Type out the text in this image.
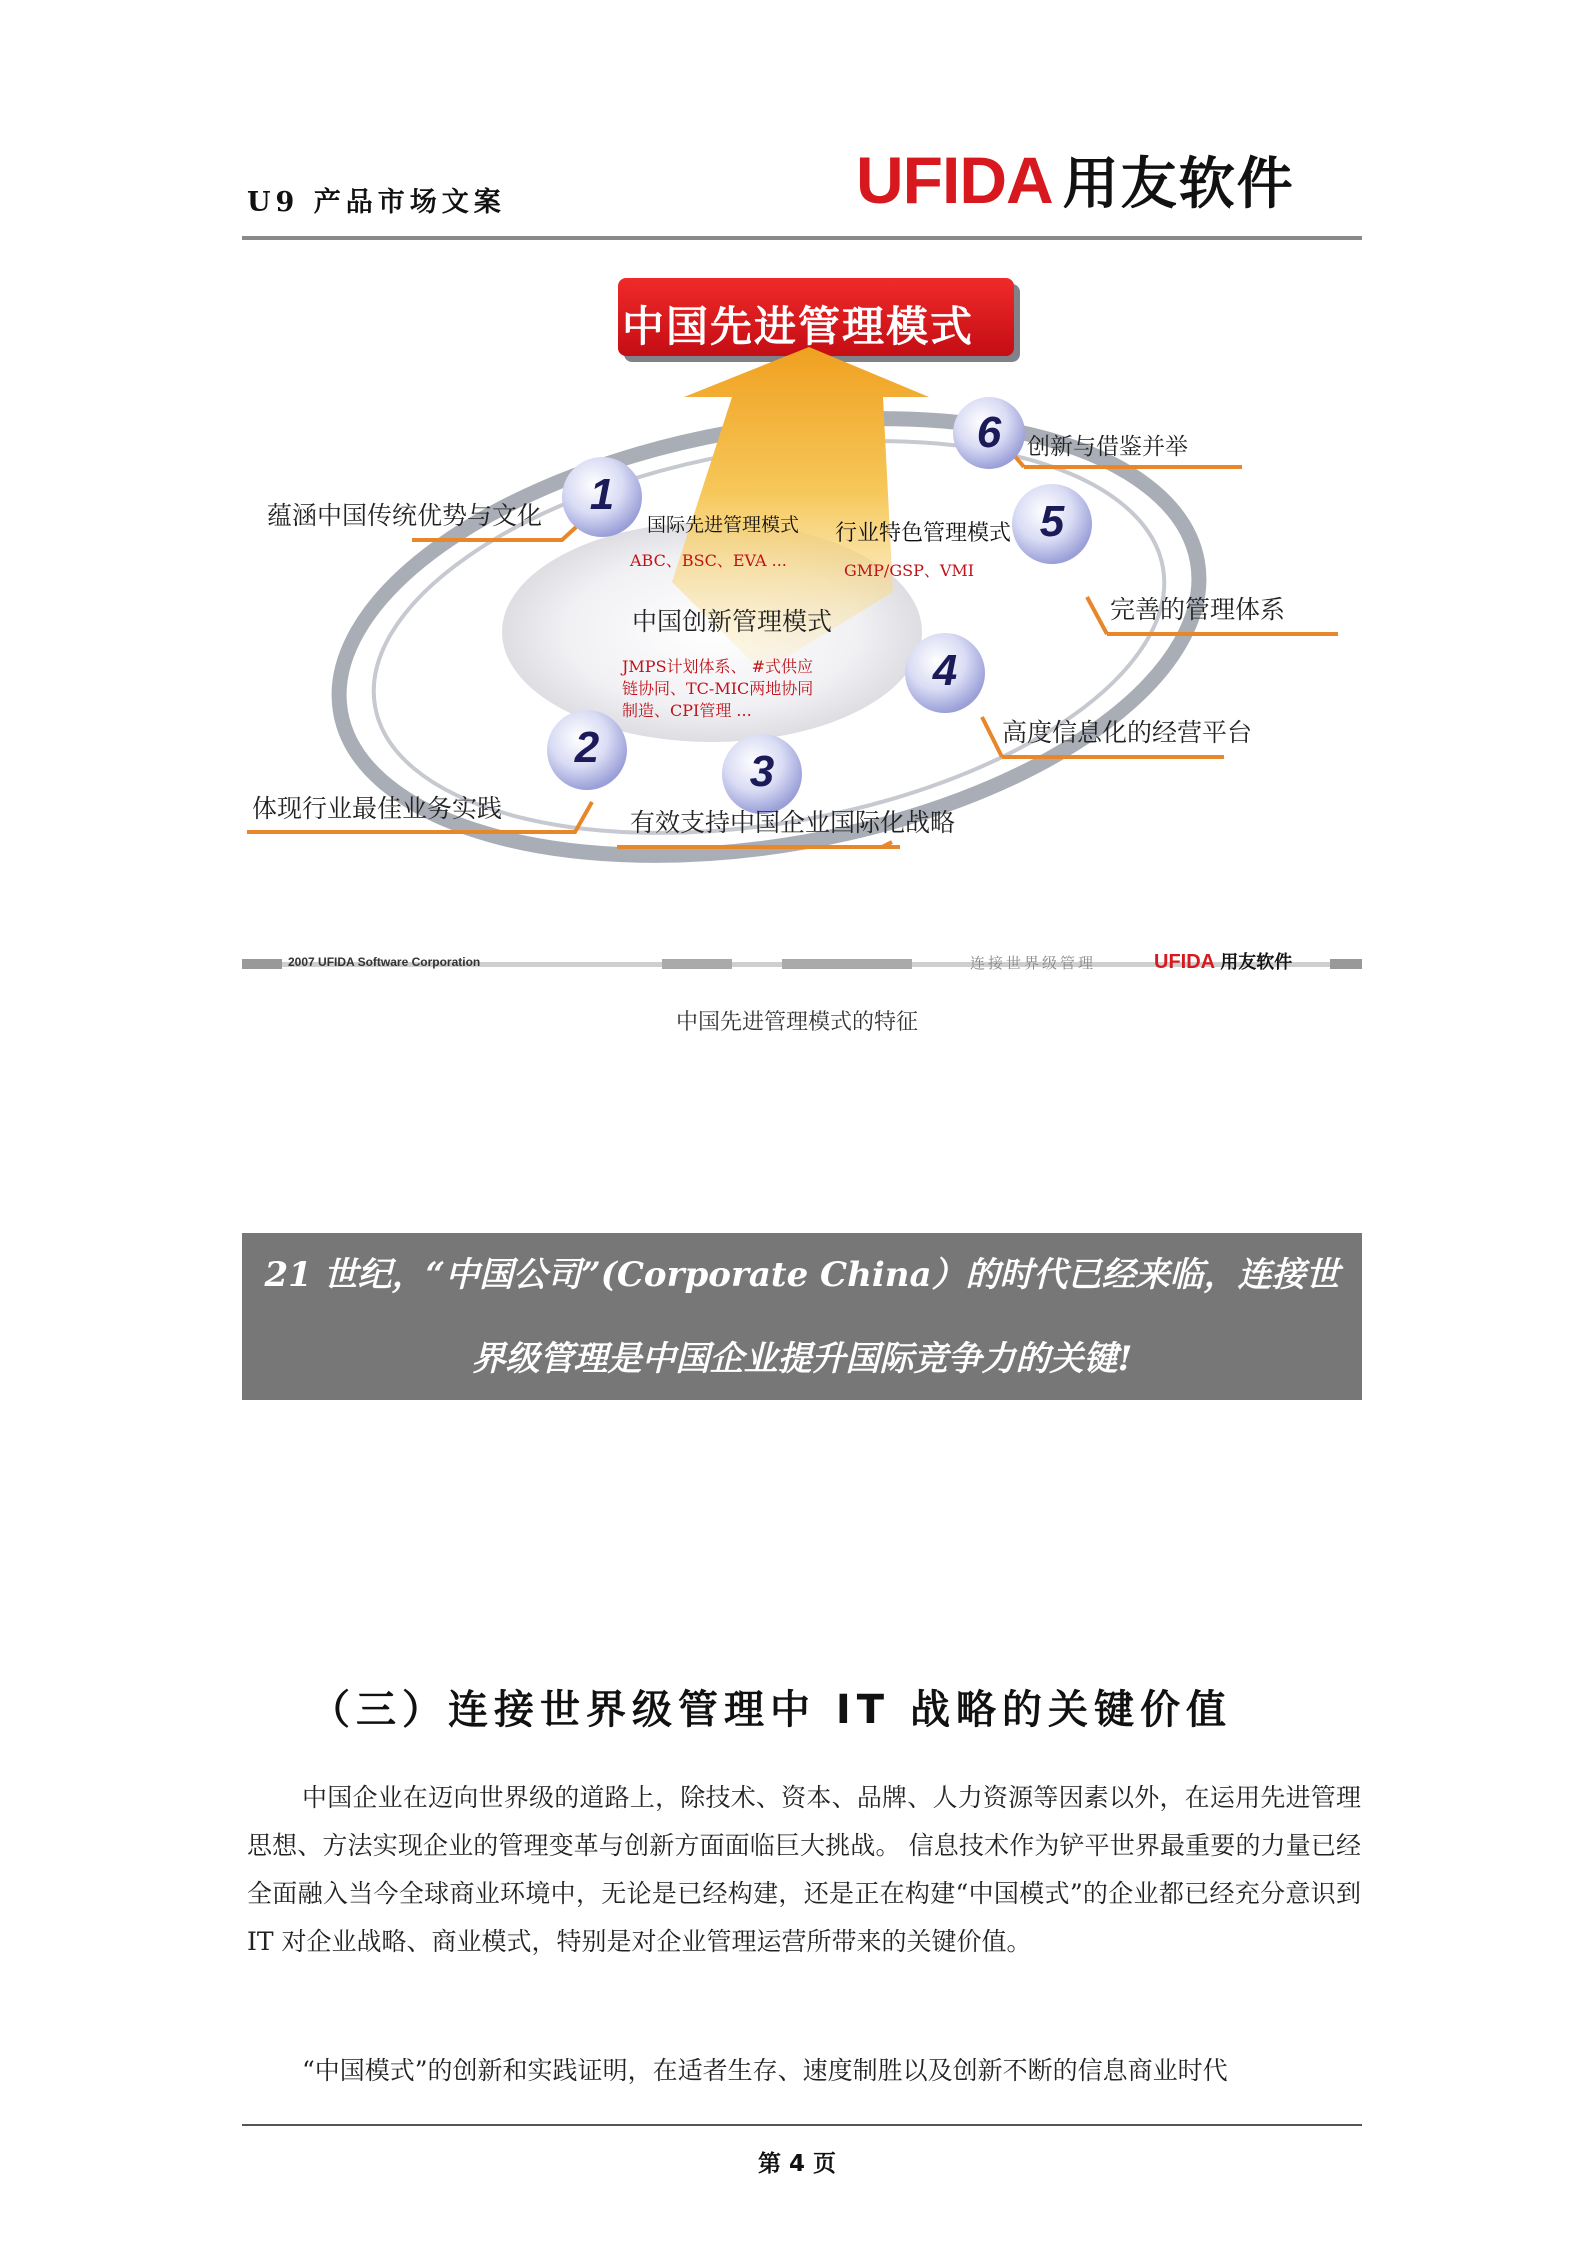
U9 产品市场文案	UFIDA 用友软件
中国先进管理模式
1
2	3
4
5
6
蕴涵中国传统优势与文化
体现行业最佳业务实践	有效支持中国企业国际化战略
高度信息化的经营平台
完善的管理体系
创新与借鉴并举
国际先进管理模式
ABC、BSC、EVA ...
行业特色管理模式
GMP/GSP、VMI
中国创新管理模式
JMPS计划体系、 #式供应
链协同、TC-MIC两地协同
制造、CPI管理 ...
2007 UFIDA Software Corporation	连接世界级管理	UFIDA 用友软件
中国先进管理模式的特征
21 世纪，“中国公司”(Corporate China）的时代已经来临，连接世
界级管理是中国企业提升国际竞争力的关键!
（三）连接世界级管理中 IT 战略的关键价值
中国企业在迈向世界级的道路上，除技术、资本、品牌、人力资源等因素以外，在运用先进管理思想、方法实现企业的管理变革与创新方面面临巨大挑战。 信息技术作为铲平世界最重要的力量已经全面融入当今全球商业环境中，无论是已经构建，还是正在构建“中国模式”的企业都已经充分意识到 IT 对企业战略、商业模式，特别是对企业管理运营所带来的关键价值。
“中国模式”的创新和实践证明，在适者生存、速度制胜以及创新不断的信息商业时代
第 4 页
